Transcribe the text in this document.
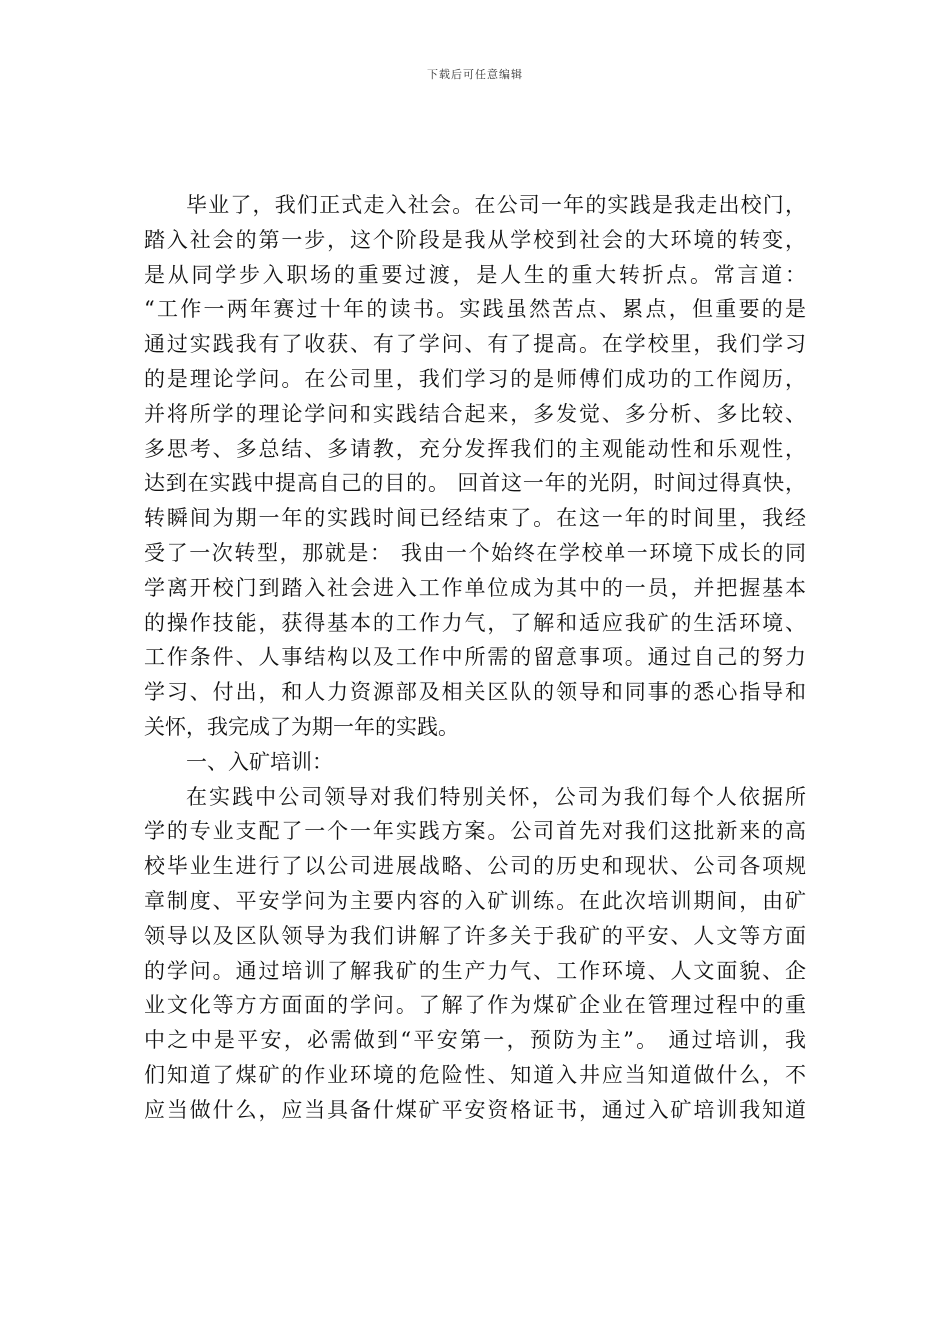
下载后可任意编辑
毕业了，我们正式走入社会。在公司一年的实践是我走出校门，
踏入社会的第一步，这个阶段是我从学校到社会的大环境的转变，
是从同学步入职场的重要过渡，是人生的重大转折点。常言道：
“工作一两年赛过十年的读书。实践虽然苦点、累点，但重要的是
通过实践我有了收获、有了学问、有了提高。在学校里，我们学习
的是理论学问。在公司里，我们学习的是师傅们成功的工作阅历，
并将所学的理论学问和实践结合起来，多发觉、多分析、多比较、
多思考、多总结、多请教，充分发挥我们的主观能动性和乐观性，
达到在实践中提高自己的目的。 回首这一年的光阴，时间过得真快，
转瞬间为期一年的实践时间已经结束了。在这一年的时间里，我经
受了一次转型，那就是： 我由一个始终在学校单一环境下成长的同
学离开校门到踏入社会进入工作单位成为其中的一员，并把握基本
的操作技能，获得基本的工作力气，了解和适应我矿的生活环境、
工作条件、人事结构以及工作中所需的留意事项。通过自己的努力
学习、付出，和人力资源部及相关区队的领导和同事的悉心指导和
关怀，我完成了为期一年的实践。
一、入矿培训：
在实践中公司领导对我们特别关怀，公司为我们每个人依据所
学的专业支配了一个一年实践方案。公司首先对我们这批新来的高
校毕业生进行了以公司进展战略、公司的历史和现状、公司各项规
章制度、平安学问为主要内容的入矿训练。在此次培训期间，由矿
领导以及区队领导为我们讲解了许多关于我矿的平安、人文等方面
的学问。通过培训了解我矿的生产力气、工作环境、人文面貌、企
业文化等方方面面的学问。了解了作为煤矿企业在管理过程中的重
中之中是平安，必需做到“平安第一，预防为主”。 通过培训，我
们知道了煤矿的作业环境的危险性、知道入井应当知道做什么，不
应当做什么，应当具备什煤矿平安资格证书，通过入矿培训我知道
